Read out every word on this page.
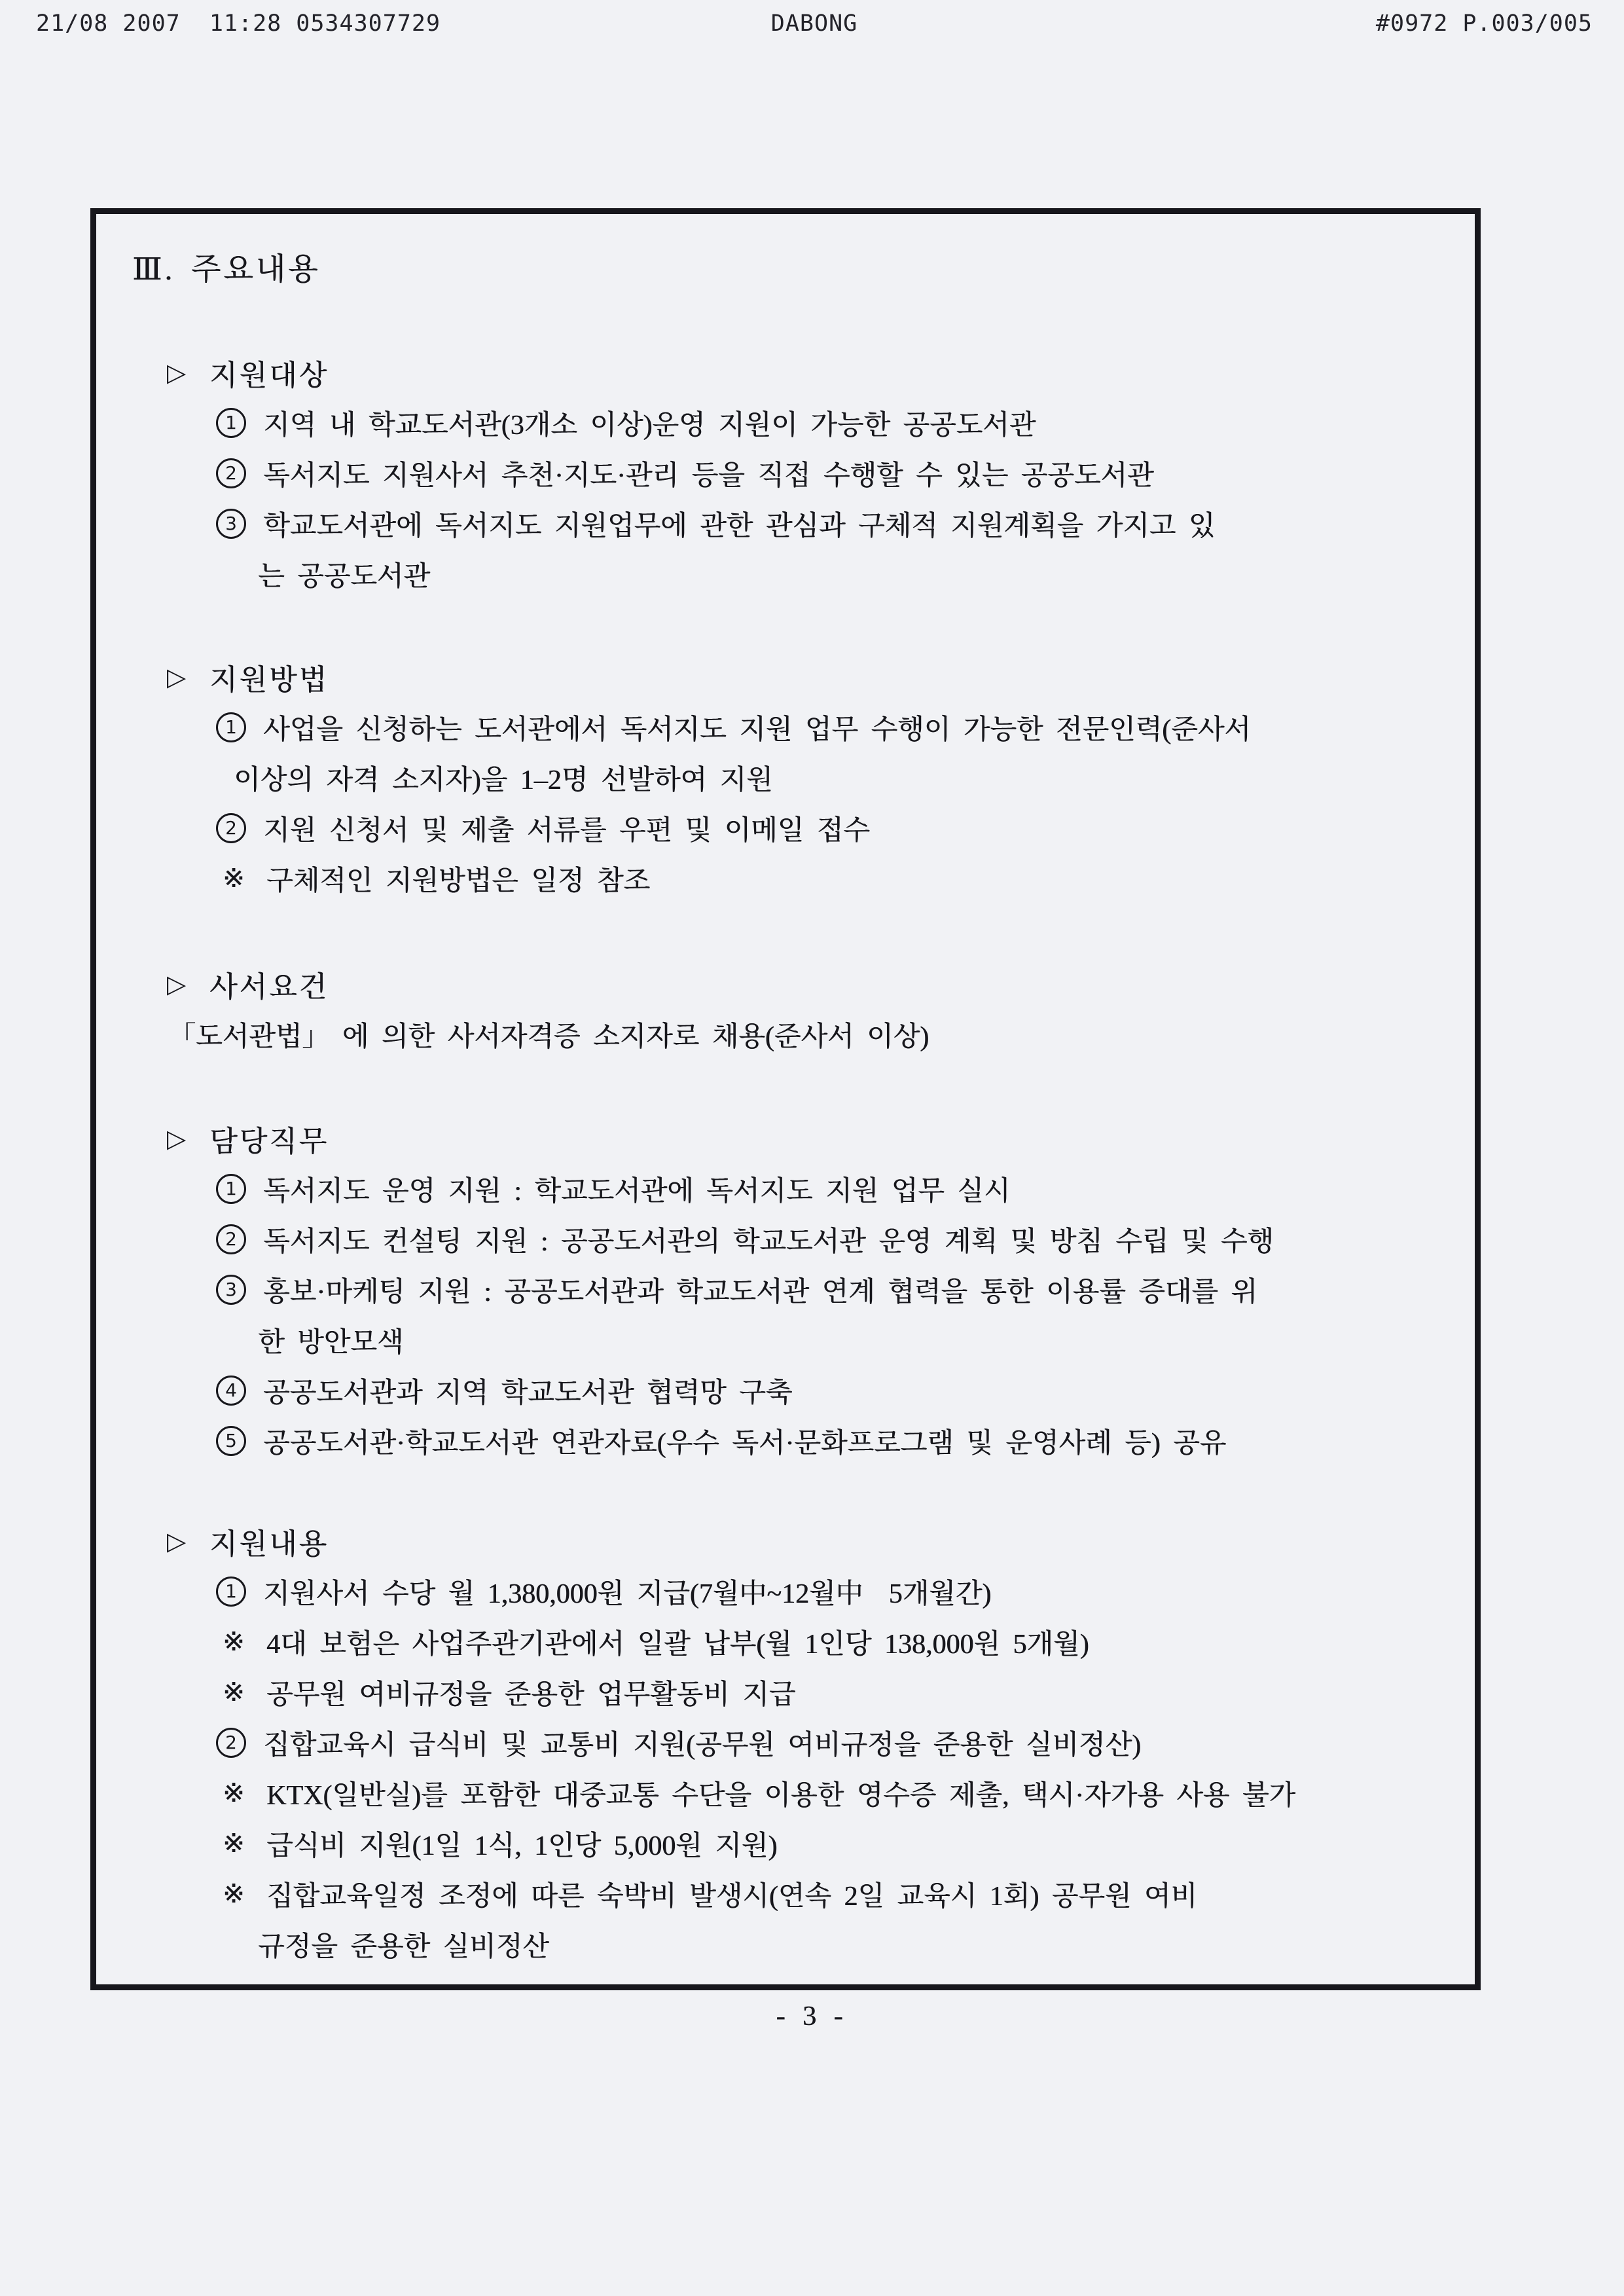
21/08 2007  11:28 0534307729	DABONG	#0972 P.003/005
Ⅲ. 주요내용
▷ 지원대상
1 지역 내 학교도서관(3개소 이상)운영 지원이 가능한 공공도서관
2 독서지도 지원사서 추천·지도·관리 등을 직접 수행할 수 있는 공공도서관
3 학교도서관에 독서지도 지원업무에 관한 관심과 구체적 지원계획을 가지고 있
는 공공도서관
▷ 지원방법
1 사업을 신청하는 도서관에서 독서지도 지원 업무 수행이 가능한 전문인력(준사서
이상의 자격 소지자)을 1–2명 선발하여 지원
2 지원 신청서 및 제출 서류를 우편 및 이메일 접수
※ 구체적인 지원방법은 일정 참조
▷ 사서요건
「도서관법」 에 의한 사서자격증 소지자로 채용(준사서 이상)
▷ 담당직무
1 독서지도 운영 지원 : 학교도서관에 독서지도 지원 업무 실시
2 독서지도 컨설팅 지원 : 공공도서관의 학교도서관 운영 계획 및 방침 수립 및 수행
3 홍보·마케팅 지원 : 공공도서관과 학교도서관 연계 협력을 통한 이용률 증대를 위
한 방안모색
4 공공도서관과 지역 학교도서관 협력망 구축
5 공공도서관·학교도서관 연관자료(우수 독서·문화프로그램 및 운영사례 등) 공유
▷ 지원내용
1 지원사서 수당 월 1,380,000원 지급(7월中~12월中  5개월간)
※ 4대 보험은 사업주관기관에서 일괄 납부(월 1인당 138,000원 5개월)
※ 공무원 여비규정을 준용한 업무활동비 지급
2 집합교육시 급식비 및 교통비 지원(공무원 여비규정을 준용한 실비정산)
※ KTX(일반실)를 포함한 대중교통 수단을 이용한 영수증 제출, 택시·자가용 사용 불가
※ 급식비 지원(1일 1식, 1인당 5,000원 지원)
※ 집합교육일정 조정에 따른 숙박비 발생시(연속 2일 교육시 1회) 공무원 여비
규정을 준용한 실비정산
- 3 -
